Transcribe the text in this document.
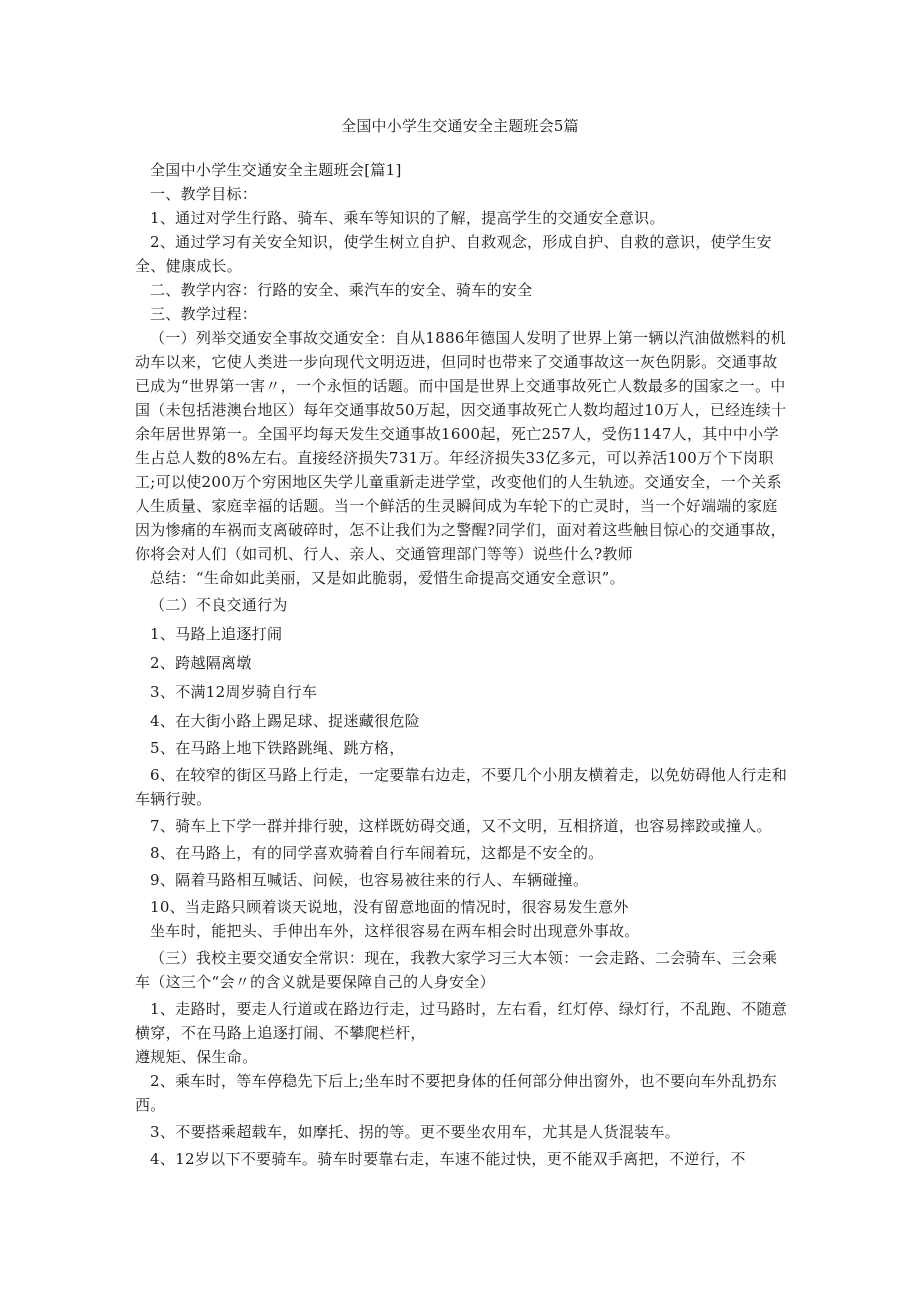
全国中小学生交通安全主题班会5篇

全国中小学生交通安全主题班会[篇1]

一、教学目标：

1、通过对学生行路、骑车、乘车等知识的了解，提高学生的交通安全意识。

2、通过学习有关安全知识，使学生树立自护、自救观念，形成自护、自救的意识，使学生安全、健康成长。

二、教学内容：行路的安全、乘汽车的安全、骑车的安全

三、教学过程：

（一）列举交通安全事故交通安全：自从1886年德国人发明了世界上第一辆以汽油做燃料的机动车以来，它使人类进一步向现代文明迈进，但同时也带来了交通事故这一灰色阴影。交通事故已成为“世界第一害〃，一个永恒的话题。而中国是世界上交通事故死亡人数最多的国家之一。中国（未包括港澳台地区）每年交通事故50万起，因交通事故死亡人数均超过10万人，已经连续十余年居世界第一。全国平均每天发生交通事故1600起，死亡257人，受伤1147人，其中中小学生占总人数的8%左右。直接经济损失731万。年经济损失33亿多元，可以养活100万个下岗职工;可以使200万个穷困地区失学儿童重新走进学堂，改变他们的人生轨迹。交通安全，一个关系人生质量、家庭幸福的话题。当一个鲜活的生灵瞬间成为车轮下的亡灵时，当一个好端端的家庭因为惨痛的车祸而支离破碎时，怎不让我们为之警醒?同学们，面对着这些触目惊心的交通事故，你将会对人们（如司机、行人、亲人、交通管理部门等等）说些什么?教师

总结：“生命如此美丽，又是如此脆弱，爱惜生命提高交通安全意识”。

（二）不良交通行为

1、马路上追逐打闹

2、跨越隔离墩

3、不满12周岁骑自行车

4、在大街小路上踢足球、捉迷藏很危险

5、在马路上地下铁路跳绳、跳方格，

6、在较窄的街区马路上行走，一定要靠右边走，不要几个小朋友横着走，以免妨碍他人行走和车辆行驶。

7、骑车上下学一群并排行驶，这样既妨碍交通，又不文明，互相挤道，也容易摔跤或撞人。

8、在马路上，有的同学喜欢骑着自行车闹着玩，这都是不安全的。

9、隔着马路相互喊话、问候，也容易被往来的行人、车辆碰撞。

10、当走路只顾着谈天说地，没有留意地面的情况时，很容易发生意外

坐车时，能把头、手伸出车外，这样很容易在两车相会时出现意外事故。

（三）我校主要交通安全常识：现在，我教大家学习三大本领：一会走路、二会骑车、三会乘车（这三个“会〃的含义就是要保障自己的人身安全）

1、走路时，要走人行道或在路边行走，过马路时，左右看，红灯停、绿灯行，不乱跑、不随意横穿，不在马路上追逐打闹、不攀爬栏杆，

遵规矩、保生命。

2、乘车时，等车停稳先下后上;坐车时不要把身体的任何部分伸出窗外，也不要向车外乱扔东西。

3、不要搭乘超载车，如摩托、拐的等。更不要坐农用车，尤其是人货混装车。

4、12岁以下不要骑车。骑车时要靠右走，车速不能过快，更不能双手离把，不逆行，不
